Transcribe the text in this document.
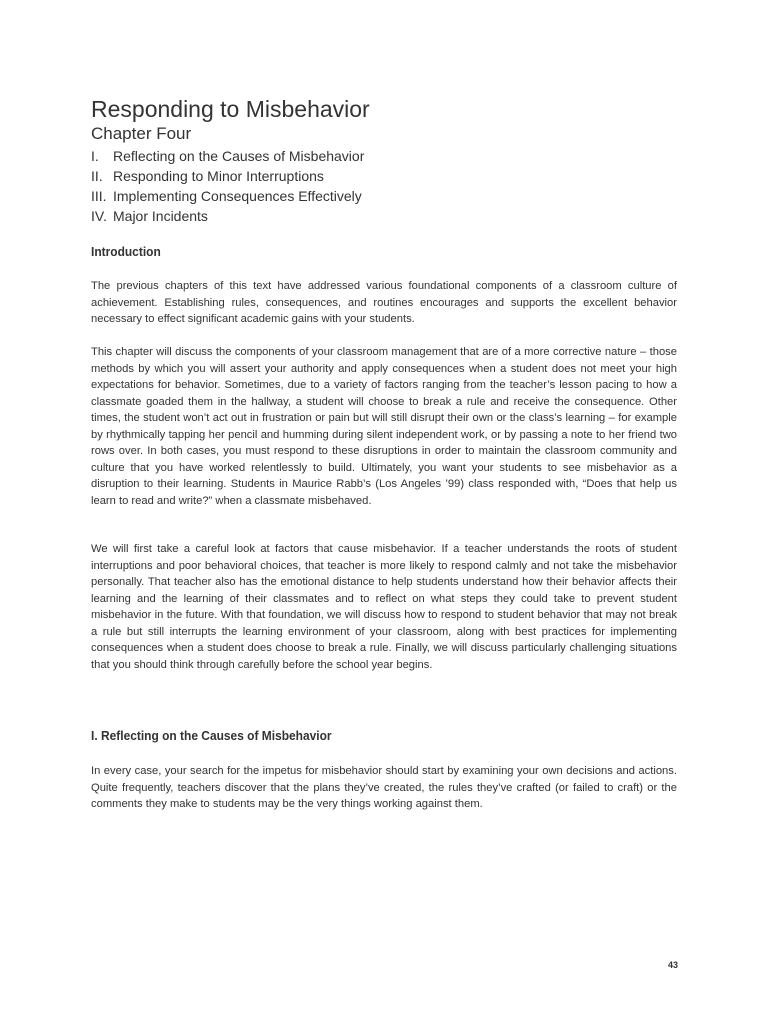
Responding to Misbehavior
Chapter Four
I.	Reflecting on the Causes of Misbehavior
II. Responding to Minor Interruptions
III. Implementing Consequences Effectively
IV. Major Incidents
Introduction

The previous chapters of this text have addressed various foundational components of a classroom culture of achievement. Establishing rules, consequences, and routines encourages and supports the excellent behavior necessary to effect significant academic gains with your students.

This chapter will discuss the components of your classroom management that are of a more corrective nature – those methods by which you will assert your authority and apply consequences when a student does not meet your high expectations for behavior. Sometimes, due to a variety of factors ranging from the teacher’s lesson pacing to how a classmate goaded them in the hallway, a student will choose to break a rule and receive the consequence. Other times, the student won’t act out in frustration or pain but will still disrupt their own or the class’s learning – for example by rhythmically tapping her pencil and humming during silent independent work, or by passing a note to her friend two rows over. In both cases, you must respond to these disruptions in order to maintain the classroom community and culture that you have worked relentlessly to build. Ultimately, you want your students to see misbehavior as a disruption to their learning. Students in Maurice Rabb’s (Los Angeles ’99) class responded with, “Does that help us learn to read and write?” when a classmate misbehaved.

We will first take a careful look at factors that cause misbehavior. If a teacher understands the roots of student interruptions and poor behavioral choices, that teacher is more likely to respond calmly and not take the misbehavior personally. That teacher also has the emotional distance to help students understand how their behavior affects their learning and the learning of their classmates and to reflect on what steps they could take to prevent student misbehavior in the future. With that foundation, we will discuss how to respond to student behavior that may not break a rule but still interrupts the learning environment of your classroom, along with best practices for implementing consequences when a student does choose to break a rule. Finally, we will discuss particularly challenging situations that you should think through carefully before the school year begins.

I. Reflecting on the Causes of Misbehavior

In every case, your search for the impetus for misbehavior should start by examining your own decisions and actions. Quite frequently, teachers discover that the plans they’ve created, the rules they’ve crafted (or failed to craft) or the comments they make to students may be the very things working against them.

43
